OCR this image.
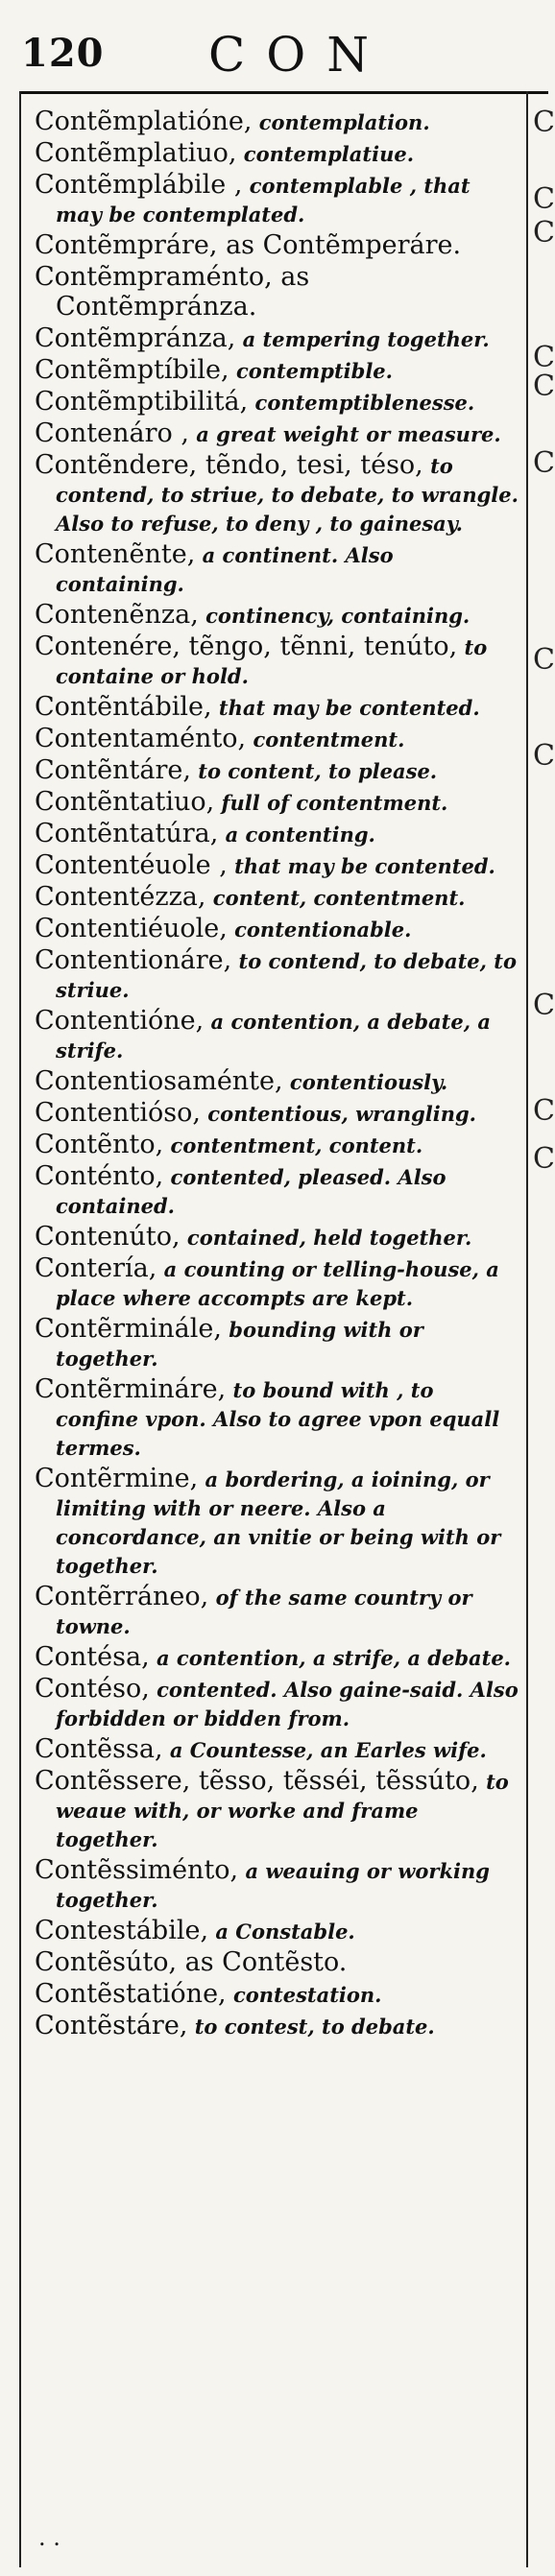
120 CON
C
C
C
C
C
C
C
C
C
C
C
Contẽmplatióne, contemplation.
Contẽmplatiuo, contemplatiue.
Contẽmplábile , contemplable , that may be contemplated.
Contẽmpráre, as Contẽmperáre.
Contẽmpraménto, as Contẽmpránza.
Contẽmpránza, a tempering together.
Contẽmptíbile, contemptible.
Contẽmptibilitá, contemptiblenesse.
Contenáro , a great weight or measure.
Contẽndere, tẽndo, tesi, téso, to contend, to striue, to debate, to wrangle. Also to refuse, to deny , to gainesay.
Contenẽnte, a continent. Also containing.
Contenẽnza, continency, containing.
Contenére, tẽngo, tẽnni, tenúto, to containe or hold.
Contẽntábile, that may be contented.
Contentaménto, contentment.
Contẽntáre, to content, to please.
Contẽntatiuo, full of contentment.
Contẽntatúra, a contenting.
Contentéuole , that may be contented.
Contentézza, content, contentment.
Contentiéuole, contentionable.
Contentionáre, to contend, to debate, to striue.
Contentióne, a contention, a debate, a strife.
Contentiosaménte, contentiously.
Contentióso, contentious, wrangling.
Contẽnto, contentment, content.
Conténto, contented, pleased. Also contained.
Contenúto, contained, held together.
Contería, a counting or telling-house, a place where accompts are kept.
Contẽrminále, bounding with or together.
Contẽrmináre, to bound with , to confine vpon. Also to agree vpon equall termes.
Contẽrmine, a bordering, a ioining, or limiting with or neere. Also a concordance, an vnitie or being with or together.
Contẽrráneo, of the same country or towne.
Contésa, a contention, a strife, a debate.
Contéso, contented. Also gaine-said. Also forbidden or bidden from.
Contẽssa, a Countesse, an Earles wife.
Contẽssere, tẽsso, tẽsséi, tẽssúto, to weaue with, or worke and frame together.
Contẽssiménto, a weauing or working together.
Contestábile, a Constable.
Contẽsúto, as Contẽsto.
Contẽstatióne, contestation.
Contẽstáre, to contest, to debate.
. .
